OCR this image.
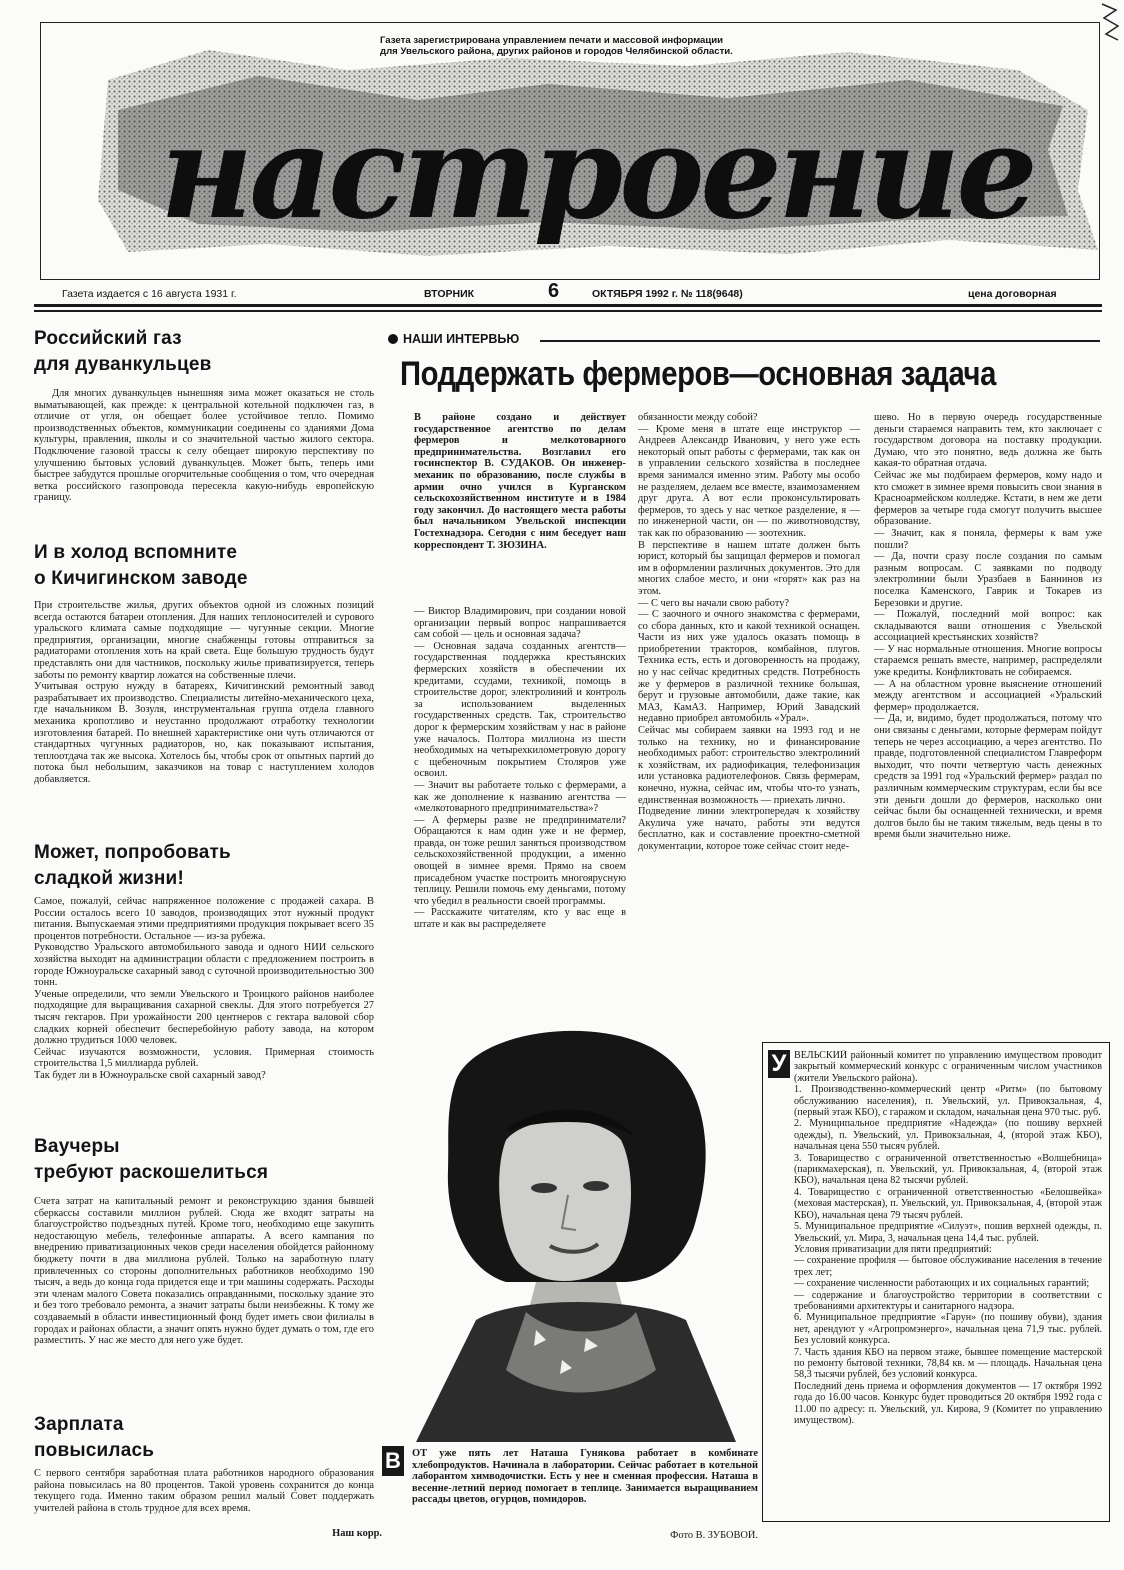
Газета зарегистрирована управлением печати и массовой информации
для Увельского района, других районов и городов Челябинской области.
настроение
Газета издается с 16 августа 1931 г.	ВТОРНИК	6	ОКТЯБРЯ 1992 г. № 118(9648)	цена договорная
Российский газ
для дуванкульцев
Для многих дуванкульцев нынешняя зима может оказаться не столь выматывающей, как прежде: к центральной котельной подключен газ, в отличие от угля, он обещает более устойчивое тепло. Помимо производственных объектов, коммуникации соединены со зданиями Дома культуры, правления, школы и со значительной частью жилого сектора. Подключение газовой трассы к селу обещает широкую перспективу по улучшению бытовых условий дуванкульцев. Может быть, теперь ими быстрее забудутся прошлые огорчительные сообщения о том, что очередная ветка российского газопровода пересекла какую-нибудь европейскую границу.
И в холод вспомните
о Кичигинском заводе
При строительстве жилья, других объектов одной из сложных позиций всегда остаются батареи отопления. Для наших теплоносителей и сурового уральского климата самые подходящие — чугунные секции. Многие предприятия, организации, многие снабженцы готовы отправиться за радиаторами отопления хоть на край света. Еще большую трудность будут представлять они для частников, поскольку жилье приватизируется, теперь заботы по ремонту квартир ложатся на собственные плечи.
Учитывая острую нужду в батареях, Кичигинский ремонтный завод разрабатывает их производство. Специалисты литейно-механического цеха, где начальником В. Зозуля, инструментальная группа отдела главного механика кропотливо и неустанно продолжают отработку технологии изготовления батарей. По внешней характеристике они чуть отличаются от стандартных чугунных радиаторов, но, как показывают испытания, теплоотдача так же высока. Хотелось бы, чтобы срок от опытных партий до потока был небольшим, заказчиков на товар с наступлением холодов добавляется.
Может, попробовать
сладкой жизни!
Самое, пожалуй, сейчас напряженное положение с продажей сахара. В России осталось всего 10 заводов, производящих этот нужный продукт питания. Выпускаемая этими предприятиями продукция покрывает всего 35 процентов потребности. Остальное — из-за рубежа.
Руководство Уральского автомобильного завода и одного НИИ сельского хозяйства выходят на администрации области с предложением построить в городе Южноуральске сахарный завод с суточной производительностью 300 тонн.
Ученые определили, что земли Увельского и Троицкого районов наиболее подходящие для выращивания сахарной свеклы. Для этого потребуется 27 тысяч гектаров. При урожайности 200 центнеров с гектара валовой сбор сладких корней обеспечит бесперебойную работу завода, на котором должно трудиться 1000 человек.
Сейчас изучаются возможности, условия. Примерная стоимость строительства 1,5 миллиарда рублей.
Так будет ли в Южноуральске свой сахарный завод?
Ваучеры
требуют раскошелиться
Счета затрат на капитальный ремонт и реконструкцию здания бывшей сберкассы составили миллион рублей. Сюда же входят затраты на благоустройство подъездных путей. Кроме того, необходимо еще закупить недостающую мебель, телефонные аппараты. А всего кампания по внедрению приватизационных чеков среди населения обойдется районному бюджету почти в два миллиона рублей. Только на заработную плату привлеченных со стороны дополнительных работников необходимо 190 тысяч, а ведь до конца года придется еще и три машины содержать. Расходы эти членам малого Совета показались оправданными, поскольку здание это и без того требовало ремонта, а значит затраты были неизбежны. К тому же создаваемый в области инвестиционный фонд будет иметь свои филиалы в городах и районах области, а значит опять нужно будет думать о том, где его разместить. У нас же место для него уже будет.
Зарплата
повысилась
С первого сентября заработная плата работников народного образования района повысилась на 80 процентов. Такой уровень сохранится до конца текущего года. Именно таким образом решил малый Совет поддержать учителей района в столь трудное для всех время.
Наш корр.
НАШИ ИНТЕРВЬЮ
Поддержать фермеров—основная задача
В районе создано и действует государственное агентство по делам фермеров и мелкотоварного предпринимательства. Возглавил его госинспектор В. СУДАКОВ. Он инженер-механик по образованию, после службы в армии очно учился в Курганском сельскохозяйственном институте и в 1984 году закончил. До настоящего места работы был начальником Увельской инспекции Гостехнадзора. Сегодня с ним беседует наш корреспондент Т. ЗЮЗИНА.
— Виктор Владимирович, при создании новой организации первый вопрос напрашивается сам собой — цель и основная задача?
— Основная задача созданных агентств—государственная поддержка крестьянских фермерских хозяйств в обеспечении их кредитами, ссудами, техникой, помощь в строительстве дорог, электролиний и контроль за использованием выделенных государственных средств. Так, строительство дорог к фермерским хозяйствам у нас в районе уже началось. Полтора миллиона из шести необходимых на четырехкилометровую дорогу с щебеночным покрытием Столяров уже освоил.
— Значит вы работаете только с фермерами, а как же дополнение к названию агентства — «мелкотоварного предпринимательства»?
— А фермеры разве не предприниматели? Обращаются к нам один уже и не фермер, правда, он тоже решил заняться производством сельскохозяйственной продукции, а именно овощей в зимнее время. Прямо на своем присадебном участке построить многоярусную теплицу. Решили помочь ему деньгами, потому что убедил в реальности своей программы.
— Расскажите читателям, кто у вас еще в штате и как вы распределяете
обязанности между собой?
— Кроме меня в штате еще инструктор — Андреев Александр Иванович, у него уже есть некоторый опыт работы с фермерами, так как он в управлении сельского хозяйства в последнее время занимался именно этим. Работу мы особо не разделяем, делаем все вместе, взаимозаменяем друг друга. А вот если проконсультировать фермеров, то здесь у нас четкое разделение, я — по инженерной части, он — по животноводству, так как по образованию — зоотехник.
В перспективе в нашем штате должен быть юрист, который бы защищал фермеров и помогал им в оформлении различных документов. Это для многих слабое место, и они «горят» как раз на этом.
— С чего вы начали свою работу?
— С заочного и очного знакомства с фермерами, со сбора данных, кто и какой техникой оснащен. Части из них уже удалось оказать помощь в приобретении тракторов, комбайнов, плугов. Техника есть, есть и договоренность на продажу, но у нас сейчас кредитных средств. Потребность же у фермеров в различной технике большая, берут и грузовые автомобили, даже такие, как МАЗ, КамАЗ. Например, Юрий Завадский недавно приобрел автомобиль «Урал».
Сейчас мы собираем заявки на 1993 год и не только на технику, но и финансирование необходимых работ: строительство электролиний к хозяйствам, их радиофикация, телефонизация или установка радиотелефонов. Связь фермерам, конечно, нужна, сейчас им, чтобы что-то узнать, единственная возможность — приехать лично.
Подведение линии электропередач к хозяйству Акулича уже начато, работы эти ведутся бесплатно, как и составление проектно-сметной документации, которое тоже сейчас стоит неде-
шево. Но в первую очередь государственные деньги стараемся направить тем, кто заключает с государством договора на поставку продукции. Думаю, что это понятно, ведь должна же быть какая-то обратная отдача.
Сейчас же мы подбираем фермеров, кому надо и кто сможет в зимнее время повысить свои знания в Красноармейском колледже. Кстати, в нем же дети фермеров за четыре года смогут получить высшее образование.
— Значит, как я поняла, фермеры к вам уже пошли?
— Да, почти сразу после создания по самым разным вопросам. С заявками по подводу электролинии были Уразбаев в Баннинов из поселка Каменского, Гаврик и Токарев из Березовки и другие.
— Пожалуй, последний мой вопрос: как складываются ваши отношения с Увельской ассоциацией крестьянских хозяйств?
— У нас нормальные отношения. Многие вопросы стараемся решать вместе, например, распределяли уже кредиты. Конфликтовать не собираемся.
— А на областном уровне выяснение отношений между агентством и ассоциацией «Уральский фермер» продолжается.
— Да, и, видимо, будет продолжаться, потому что они связаны с деньгами, которые фермерам пойдут теперь не через ассоциацию, а через агентство. По правде, подготовленной специалистом Главреформ выходит, что почти четвертую часть денежных средств за 1991 год «Уральский фермер» раздал по различным коммерческим структурам, если бы все эти деньги дошли до фермеров, насколько они сейчас были бы оснащенней технически, и время долгов было бы не таким тяжелым, ведь цены в то время были значительно ниже.
В ОТ уже пять лет Наташа Гунякова работает в комбинате хлебопродуктов. Начинала в лаборатории. Сейчас работает в котельной лаборантом химводочистки. Есть у нее и сменная профессия. Наташа в весенне-летний период помогает в теплице. Занимается выращиванием рассады цветов, огурцов, помидоров.
Фото В. ЗУБОВОЙ.
У ВЕЛЬСКИЙ районный комитет по управлению имуществом проводит закрытый коммерческий конкурс с ограниченным числом участников (жители Увельского района).
1. Производственно-коммерческий центр «Ритм» (по бытовому обслуживанию населения), п. Увельский, ул. Привокзальная, 4, (первый этаж КБО), с гаражом и складом, начальная цена 970 тыс. руб.
2. Муниципальное предприятие «Надежда» (по пошиву верхней одежды), п. Увельский, ул. Привокзальная, 4, (второй этаж КБО), начальная цена 550 тысяч рублей.
3. Товарищество с ограниченной ответственностью «Волшебница» (парикмахерская), п. Увельский, ул. Привокзальная, 4, (второй этаж КБО), начальная цена 82 тысячи рублей.
4. Товарищество с ограниченной ответственностью «Белошвейка» (меховая мастерская), п. Увельский, ул. Привокзальная, 4, (второй этаж КБО), начальная цена 79 тысяч рублей.
5. Муниципальное предприятие «Силуэт», пошив верхней одежды, п. Увельский, ул. Мира, 3, начальная цена 14,4 тыс. рублей.
Условия приватизации для пяти предприятий:
— сохранение профиля — бытовое обслуживание населения в течение трех лет;
— сохранение численности работающих и их социальных гарантий;
— содержание и благоустройство территории в соответствии с требованиями архитектуры и санитарного надзора.
6. Муниципальное предприятие «Гарун» (по пошиву обуви), здания нет, арендуют у «Агропромэнерго», начальная цена 71,9 тыс. рублей. Без условий конкурса.
7. Часть здания КБО на первом этаже, бывшее помещение мастерской по ремонту бытовой техники, 78,84 кв. м — площадь. Начальная цена 58,3 тысячи рублей, без условий конкурса.
Последний день приема и оформления документов — 17 октября 1992 года до 16.00 часов. Конкурс будет проводиться 20 октября 1992 года с 11.00 по адресу: п. Увельский, ул. Кирова, 9 (Комитет по управлению имуществом).
